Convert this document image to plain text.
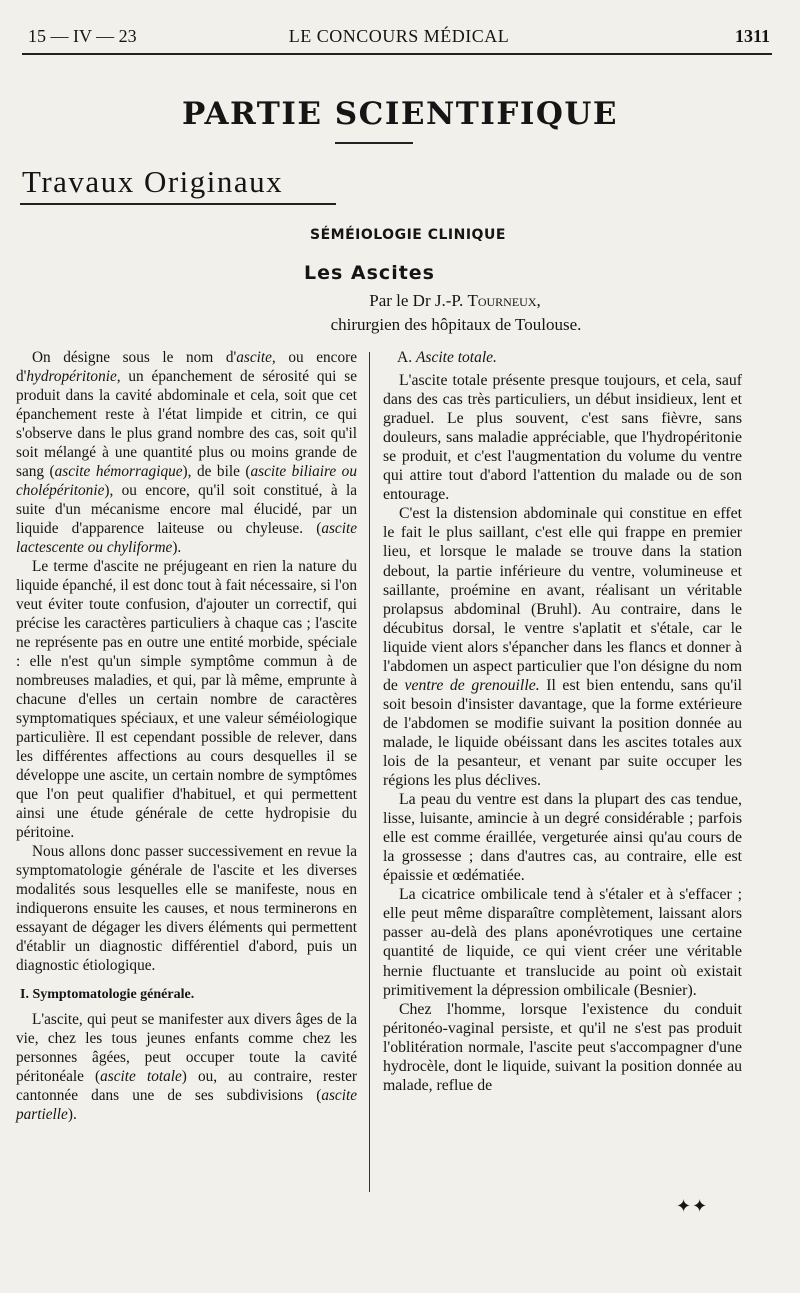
15 — IV — 23	LE CONCOURS MÉDICAL	1311
PARTIE SCIENTIFIQUE
Travaux Originaux
SÉMÉIOLOGIE CLINIQUE
Les Ascites
Par le Dr J.-P. Tourneux,
chirurgien des hôpitaux de Toulouse.

On désigne sous le nom d'ascite, ou encore d'hydropéritonie, un épanchement de sérosité qui se produit dans la cavité abdominale et cela, soit que cet épanchement reste à l'état limpide et citrin, ce qui s'observe dans le plus grand nombre des cas, soit qu'il soit mélangé à une quantité plus ou moins grande de sang (ascite hémorragique), de bile (ascite biliaire ou cholépéritonie), ou encore, qu'il soit constitué, à la suite d'un mécanisme encore mal élucidé, par un liquide d'apparence laiteuse ou chyleuse. (ascite lactescente ou chyliforme).

Le terme d'ascite ne préjugeant en rien la nature du liquide épanché, il est donc tout à fait nécessaire, si l'on veut éviter toute confusion, d'ajouter un correctif, qui précise les caractères particuliers à chaque cas ; l'ascite ne représente pas en outre une entité morbide, spéciale : elle n'est qu'un simple symptôme commun à de nombreuses maladies, et qui, par là même, emprunte à chacune d'elles un certain nombre de caractères symptomatiques spéciaux, et une valeur séméiologique particulière. Il est cependant possible de relever, dans les différentes affections au cours desquelles il se développe une ascite, un certain nombre de symptômes que l'on peut qualifier d'habituel, et qui permettent ainsi une étude générale de cette hydropisie du péritoine.

Nous allons donc passer successivement en revue la symptomatologie générale de l'ascite et les diverses modalités sous lesquelles elle se manifeste, nous en indiquerons ensuite les causes, et nous terminerons en essayant de dégager les divers éléments qui permettent d'établir un diagnostic différentiel d'abord, puis un diagnostic étiologique.

I. Symptomatologie générale.

L'ascite, qui peut se manifester aux divers âges de la vie, chez les tous jeunes enfants comme chez les personnes âgées, peut occuper toute la cavité péritonéale (ascite totale) ou, au contraire, rester cantonnée dans une de ses subdivisions (ascite partielle).

A. Ascite totale.

L'ascite totale présente presque toujours, et cela, sauf dans des cas très particuliers, un début insidieux, lent et graduel. Le plus souvent, c'est sans fièvre, sans douleurs, sans maladie appréciable, que l'hydropéritonie se produit, et c'est l'augmentation du volume du ventre qui attire tout d'abord l'attention du malade ou de son entourage.

C'est la distension abdominale qui constitue en effet le fait le plus saillant, c'est elle qui frappe en premier lieu, et lorsque le malade se trouve dans la station debout, la partie inférieure du ventre, volumineuse et saillante, proémine en avant, réalisant un véritable prolapsus abdominal (Bruhl). Au contraire, dans le décubitus dorsal, le ventre s'aplatit et s'étale, car le liquide vient alors s'épancher dans les flancs et donner à l'abdomen un aspect particulier que l'on désigne du nom de ventre de grenouille. Il est bien entendu, sans qu'il soit besoin d'insister davantage, que la forme extérieure de l'abdomen se modifie suivant la position donnée au malade, le liquide obéissant dans les ascites totales aux lois de la pesanteur, et venant par suite occuper les régions les plus déclives.

La peau du ventre est dans la plupart des cas tendue, lisse, luisante, amincie à un degré considérable ; parfois elle est comme éraillée, vergeturée ainsi qu'au cours de la grossesse ; dans d'autres cas, au contraire, elle est épaissie et œdématiée.

La cicatrice ombilicale tend à s'étaler et à s'effacer ; elle peut même disparaître complètement, laissant alors passer au-delà des plans aponévrotiques une certaine quantité de liquide, ce qui vient créer une véritable hernie fluctuante et translucide au point où existait primitivement la dépression ombilicale (Besnier).

Chez l'homme, lorsque l'existence du conduit péritonéo-vaginal persiste, et qu'il ne s'est pas produit l'oblitération normale, l'ascite peut s'accompagner d'une hydrocèle, dont le liquide, suivant la position donnée au malade, reflue de

✦✦
